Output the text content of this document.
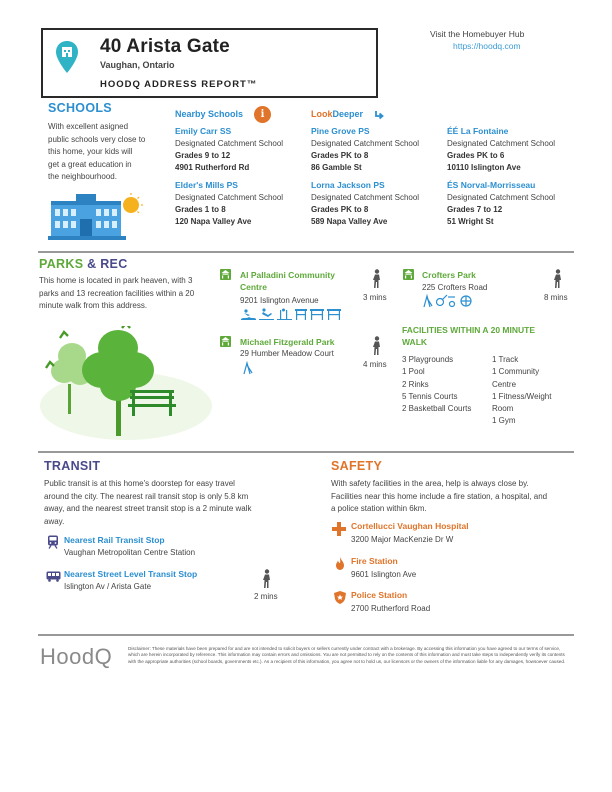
40 Arista Gate
Vaughan, Ontario
HOODQ ADDRESS REPORT™
Visit the Homebuyer Hub
https://hoodq.com
SCHOOLS
With excellent asigned
public schools very close to
this home, your kids will
get a great education in
the neighbourhood.
Nearby Schools	i	LookDeeper
Emily Carr SS
Designated Catchment School
Grades 9 to 12
4901 Rutherford Rd
Pine Grove PS
Designated Catchment School
Grades PK to 8
86 Gamble St
ÉÉ La Fontaine
Designated Catchment School
Grades PK to 6
10110 Islington Ave
Elder's Mills PS
Designated Catchment School
Grades 1 to 8
120 Napa Valley Ave
Lorna Jackson PS
Designated Catchment School
Grades PK to 8
589 Napa Valley Ave
ÉS Norval-Morrisseau
Designated Catchment School
Grades 7 to 12
51 Wright St
PARKS & REC
This home is located in park heaven, with 3
parks and 13 recreation facilities within a 20
minute walk from this address.
Al Palladini Community
Centre
9201 Islington Avenue	3 mins
Crofters Park
225 Crofters Road
8 mins
Michael Fitzgerald Park
29 Humber Meadow Court
4 mins
FACILITIES WITHIN A 20 MINUTE
WALK
3 Playgrounds
1 Pool
2 Rinks
5 Tennis Courts
2 Basketball Courts
1 Track
1 Community
Centre
1 Fitness/Weight
Room
1 Gym
TRANSIT
Public transit is at this home's doorstep for easy travel
around the city. The nearest rail transit stop is only 5.8 km
away, and the nearest street transit stop is a 2 minute walk
away.
Nearest Rail Transit Stop
Vaughan Metropolitan Centre Station
Nearest Street Level Transit Stop
Islington Av / Arista Gate
2 mins
SAFETY
With safety facilities in the area, help is always close by.
Facilities near this home include a fire station, a hospital, and
a police station within 6km.
Cortellucci Vaughan Hospital
3200 Major MacKenzie Dr W
Fire Station
9601 Islington Ave
Police Station
2700 Rutherford Road
HoodQ	Disclaimer: These materials have been prepared for and are not intended to solicit buyers or sellers currently under contract with a brokerage. By accessing this information you have agreed to our terms of service, which are herein incorporated by reference. This information may contain errors and omissions. You are not permitted to rely on the contents of this information and must take steps to independently verify its contents with the appropriate authorities (school boards, governments etc.). As a recipient of this information, you agree not to hold us, our licensors or the owners of the information liable for any damages, howsoever caused.
